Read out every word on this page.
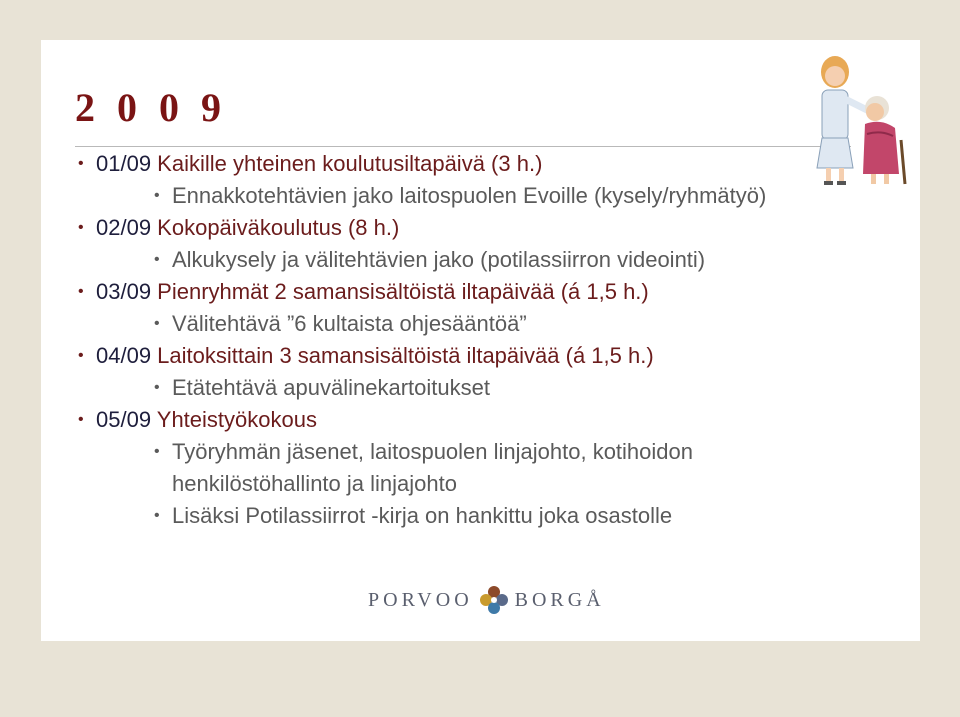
2 0 0 9
• 01/09 Kaikille yhteinen koulutusiltapäivä (3 h.)
• Ennakkotehtävien jako laitospuolen Evoille (kysely/ryhmätyö)
• 02/09 Kokopäiväkoulutus (8 h.)
• Alkukysely ja välitehtävien jako (potilassiirron videointi)
• 03/09 Pienryhmät 2 samansisältöistä iltapäivää (á 1,5 h.)
• Välitehtävä ”6 kultaista ohjesääntöä”
• 04/09 Laitoksittain 3 samansisältöistä iltapäivää (á 1,5 h.)
• Etätehtävä apuvälinekartoitukset
• 05/09 Yhteistyökokous
• Työryhmän jäsenet, laitospuolen linjajohto, kotihoidon
henkilöstöhallinto ja linjajohto
• Lisäksi Potilassiirrot -kirja on hankittu joka osastolle
PORVOO BORGÅ
